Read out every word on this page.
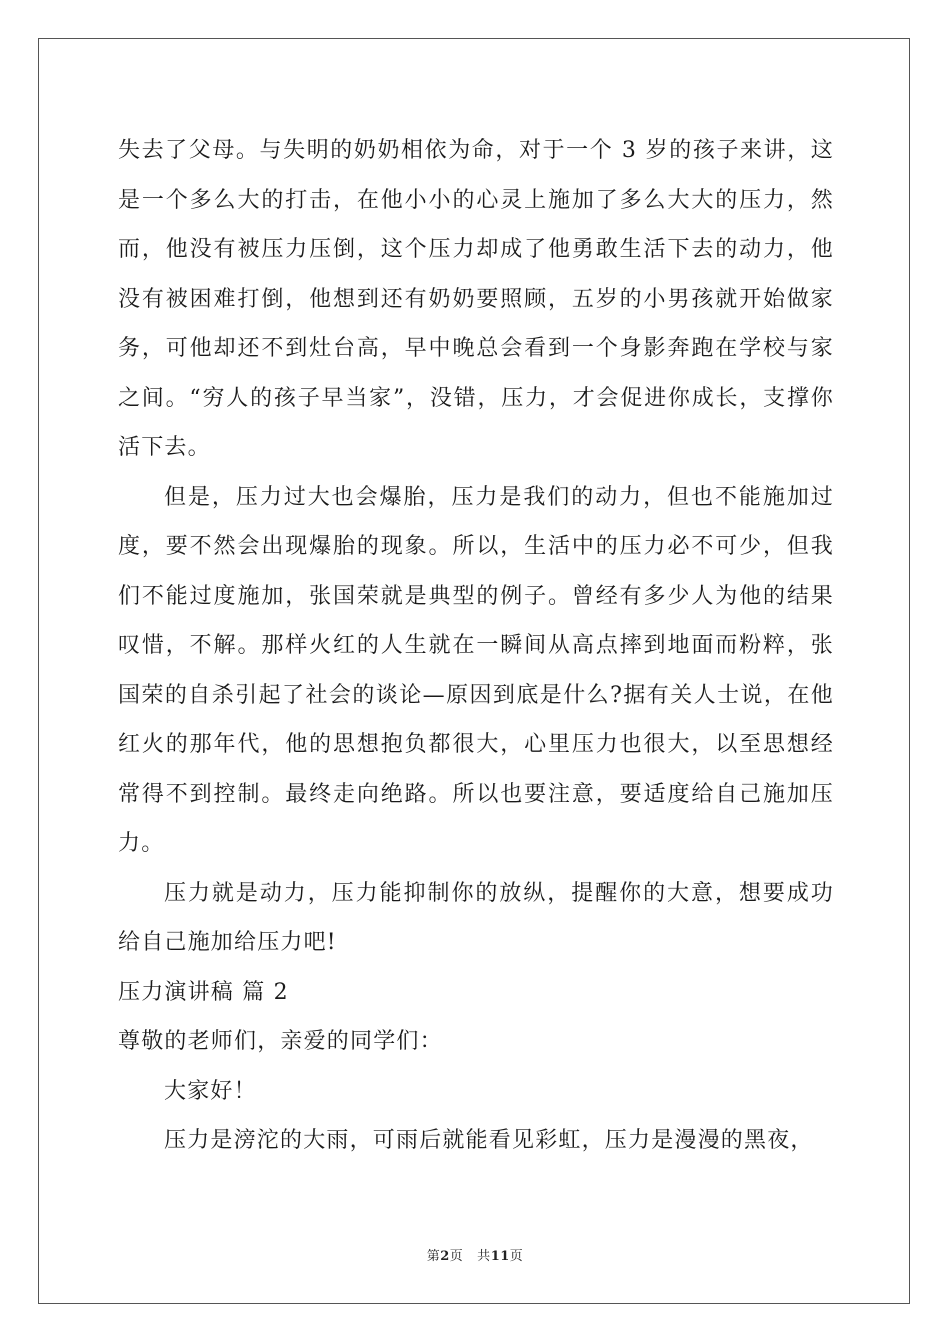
失去了父母。与失明的奶奶相依为命，对于一个 3 岁的孩子来讲，这是一个多么大的打击，在他小小的心灵上施加了多么大大的压力，然而，他没有被压力压倒，这个压力却成了他勇敢生活下去的动力，他没有被困难打倒，他想到还有奶奶要照顾，五岁的小男孩就开始做家务，可他却还不到灶台高，早中晚总会看到一个身影奔跑在学校与家之间。“穷人的孩子早当家”，没错，压力，才会促进你成长，支撑你活下去。

但是，压力过大也会爆胎，压力是我们的动力，但也不能施加过度，要不然会出现爆胎的现象。所以，生活中的压力必不可少，但我们不能过度施加，张国荣就是典型的例子。曾经有多少人为他的结果叹惜，不解。那样火红的人生就在一瞬间从高点摔到地面而粉粹，张国荣的自杀引起了社会的谈论—原因到底是什么?据有关人士说，在他红火的那年代，他的思想抱负都很大，心里压力也很大，以至思想经常得不到控制。最终走向绝路。所以也要注意，要适度给自己施加压力。

压力就是动力，压力能抑制你的放纵，提醒你的大意，想要成功给自己施加给压力吧!

压力演讲稿 篇 2

尊敬的老师们，亲爱的同学们：

大家好！

压力是滂沱的大雨，可雨后就能看见彩虹，压力是漫漫的黑夜，

第2页 共11页
